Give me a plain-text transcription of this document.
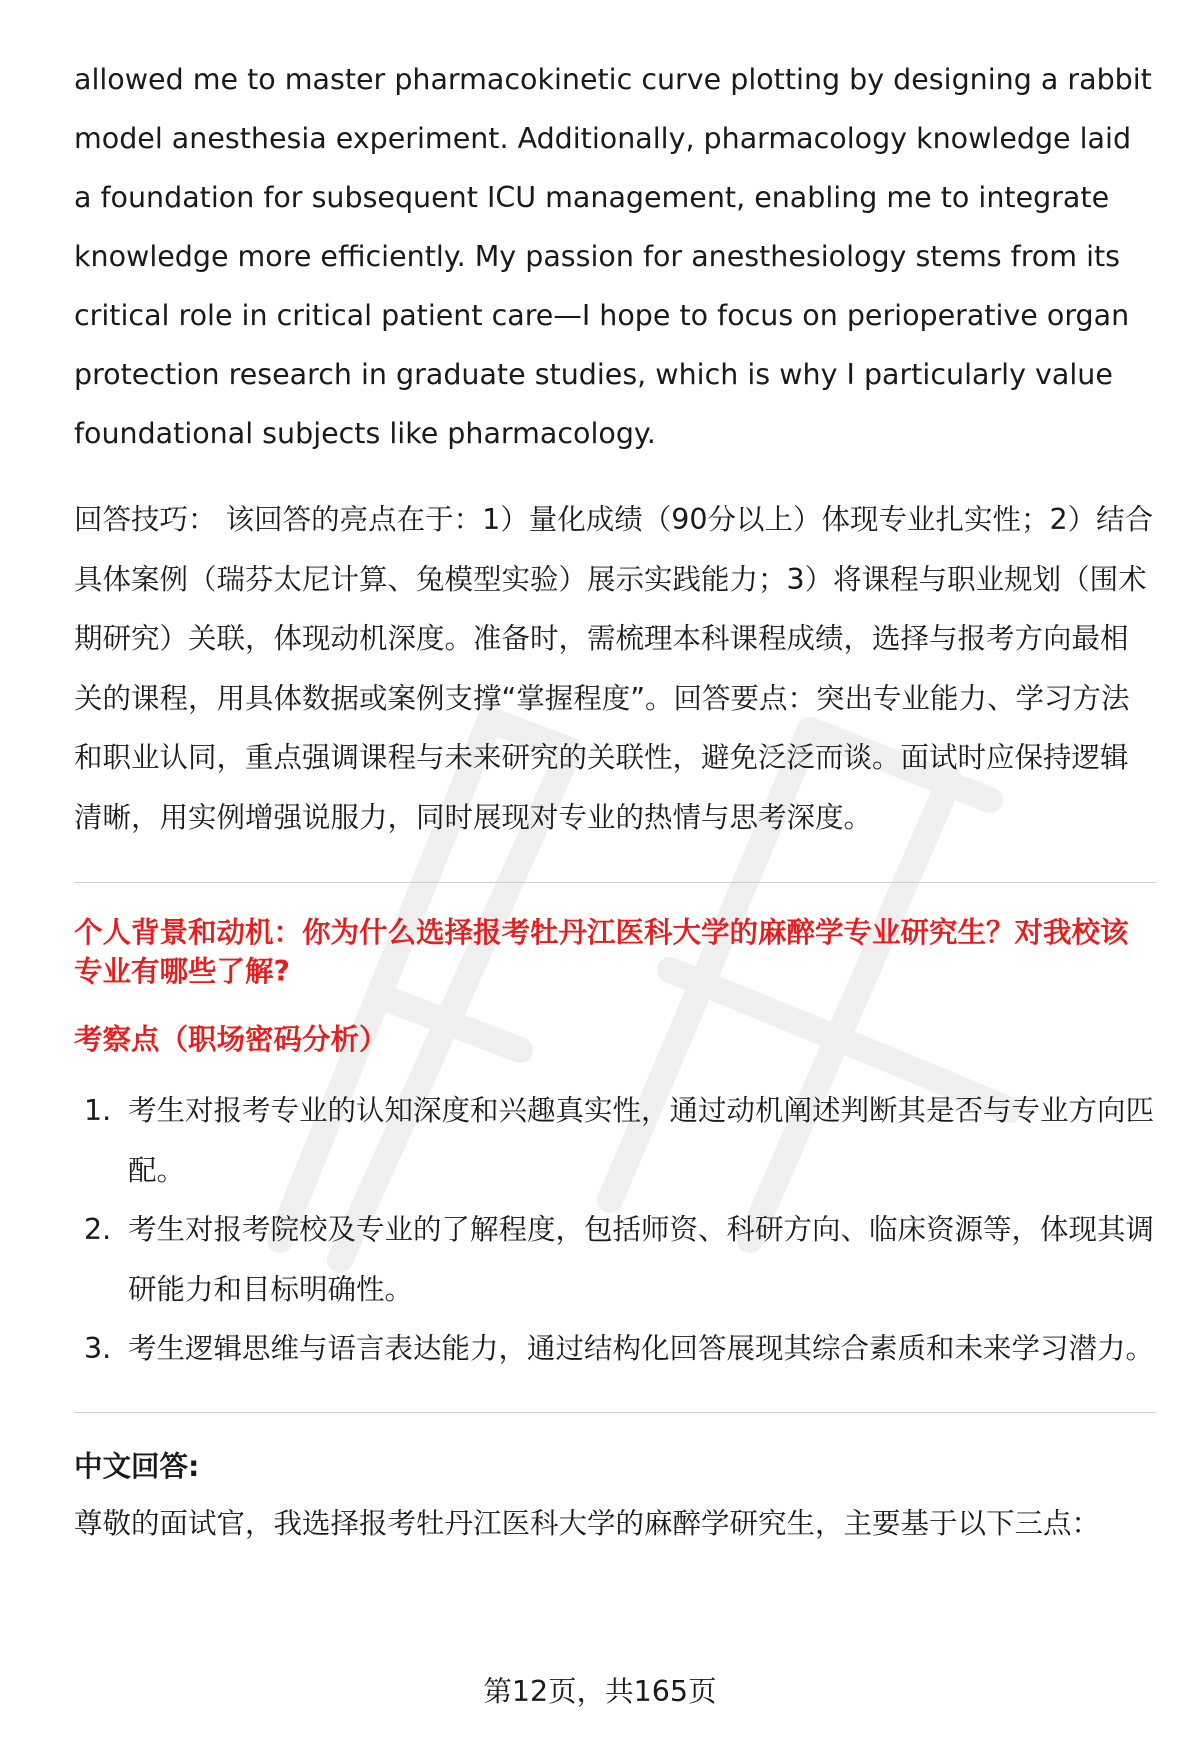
allowed me to master pharmacokinetic curve plotting by designing a rabbit model anesthesia experiment. Additionally, pharmacology knowledge laid a foundation for subsequent ICU management, enabling me to integrate knowledge more efficiently. My passion for anesthesiology stems from its critical role in critical patient care—I hope to focus on perioperative organ protection research in graduate studies, which is why I particularly value foundational subjects like pharmacology.

回答技巧： 该回答的亮点在于：1）量化成绩（90分以上）体现专业扎实性；2）结合具体案例（瑞芬太尼计算、兔模型实验）展示实践能力；3）将课程与职业规划（围术期研究）关联，体现动机深度。准备时，需梳理本科课程成绩，选择与报考方向最相关的课程，用具体数据或案例支撑“掌握程度”。回答要点：突出专业能力、学习方法和职业认同，重点强调课程与未来研究的关联性，避免泛泛而谈。面试时应保持逻辑清晰，用实例增强说服力，同时展现对专业的热情与思考深度。
个人背景和动机：你为什么选择报考牡丹江医科大学的麻醉学专业研究生？对我校该专业有哪些了解?
考察点（职场密码分析）
1. 考生对报考专业的认知深度和兴趣真实性，通过动机阐述判断其是否与专业方向匹配。
2. 考生对报考院校及专业的了解程度，包括师资、科研方向、临床资源等，体现其调研能力和目标明确性。
3. 考生逻辑思维与语言表达能力，通过结构化回答展现其综合素质和未来学习潜力。
中文回答:
尊敬的面试官，我选择报考牡丹江医科大学的麻醉学研究生，主要基于以下三点：
第12页，共165页
